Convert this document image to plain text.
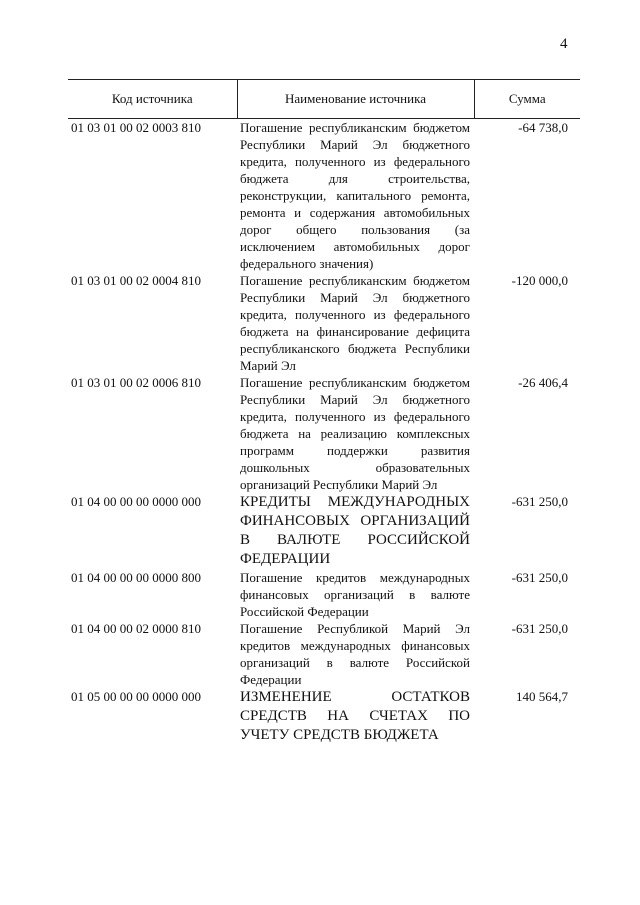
4
Код источника	Наименование источника	Сумма
01 03 01 00 02 0003 810	Погашение республиканским бюджетом Республики Марий Эл бюджетного кредита, полученного из федерального бюджета для строительства, реконструкции, капитального ремонта, ремонта и содержания автомобильных дорог общего пользования (за исключением автомобильных дорог федерального значения)	-64 738,0
01 03 01 00 02 0004 810	Погашение республиканским бюджетом Республики Марий Эл бюджетного кредита, полученного из федерального бюджета на финансирование дефицита республиканского бюджета Республики Марий Эл	-120 000,0
01 03 01 00 02 0006 810	Погашение республиканским бюджетом Республики Марий Эл бюджетного кредита, полученного из федерального бюджета на реализацию комплексных программ поддержки развития дошкольных образовательных организаций Республики Марий Эл	-26 406,4
01 04 00 00 00 0000 000	КРЕДИТЫ МЕЖДУНАРОДНЫХ ФИНАНСОВЫХ ОРГАНИЗАЦИЙ В ВАЛЮТЕ РОССИЙСКОЙ ФЕДЕРАЦИИ	-631 250,0
01 04 00 00 00 0000 800	Погашение кредитов международных финансовых организаций в валюте Российской Федерации	-631 250,0
01 04 00 00 02 0000 810	Погашение Республикой Марий Эл кредитов международных финансовых организаций в валюте Российской Федерации	-631 250,0
01 05 00 00 00 0000 000	ИЗМЕНЕНИЕ ОСТАТКОВ СРЕДСТВ НА СЧЕТАХ ПО УЧЕТУ СРЕДСТВ БЮДЖЕТА	140 564,7
